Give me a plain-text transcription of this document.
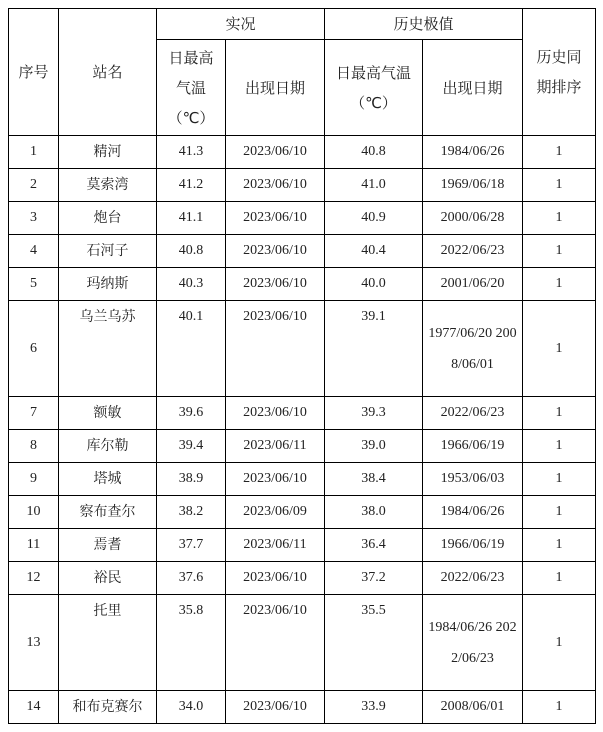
序号	站名	实况		历史极值		历史同期排序
		日最高气温（℃）	出现日期	日最高气温（℃）	出现日期	
1	精河	41.3	2023/06/10	40.8	1984/06/26	1
2	莫索湾	41.2	2023/06/10	41.0	1969/06/18	1
3	炮台	41.1	2023/06/10	40.9	2000/06/28	1
4	石河子	40.8	2023/06/10	40.4	2022/06/23	1
5	玛纳斯	40.3	2023/06/10	40.0	2001/06/20	1
6	乌兰乌苏	40.1	2023/06/10	39.1	1977/06/20 2008/06/01	1
7	额敏	39.6	2023/06/10	39.3	2022/06/23	1
8	库尔勒	39.4	2023/06/11	39.0	1966/06/19	1
9	塔城	38.9	2023/06/10	38.4	1953/06/03	1
10	察布查尔	38.2	2023/06/09	38.0	1984/06/26	1
11	焉耆	37.7	2023/06/11	36.4	1966/06/19	1
12	裕民	37.6	2023/06/10	37.2	2022/06/23	1
13	托里	35.8	2023/06/10	35.5	1984/06/26 2022/06/23	1
14	和布克赛尔	34.0	2023/06/10	33.9	2008/06/01	1
